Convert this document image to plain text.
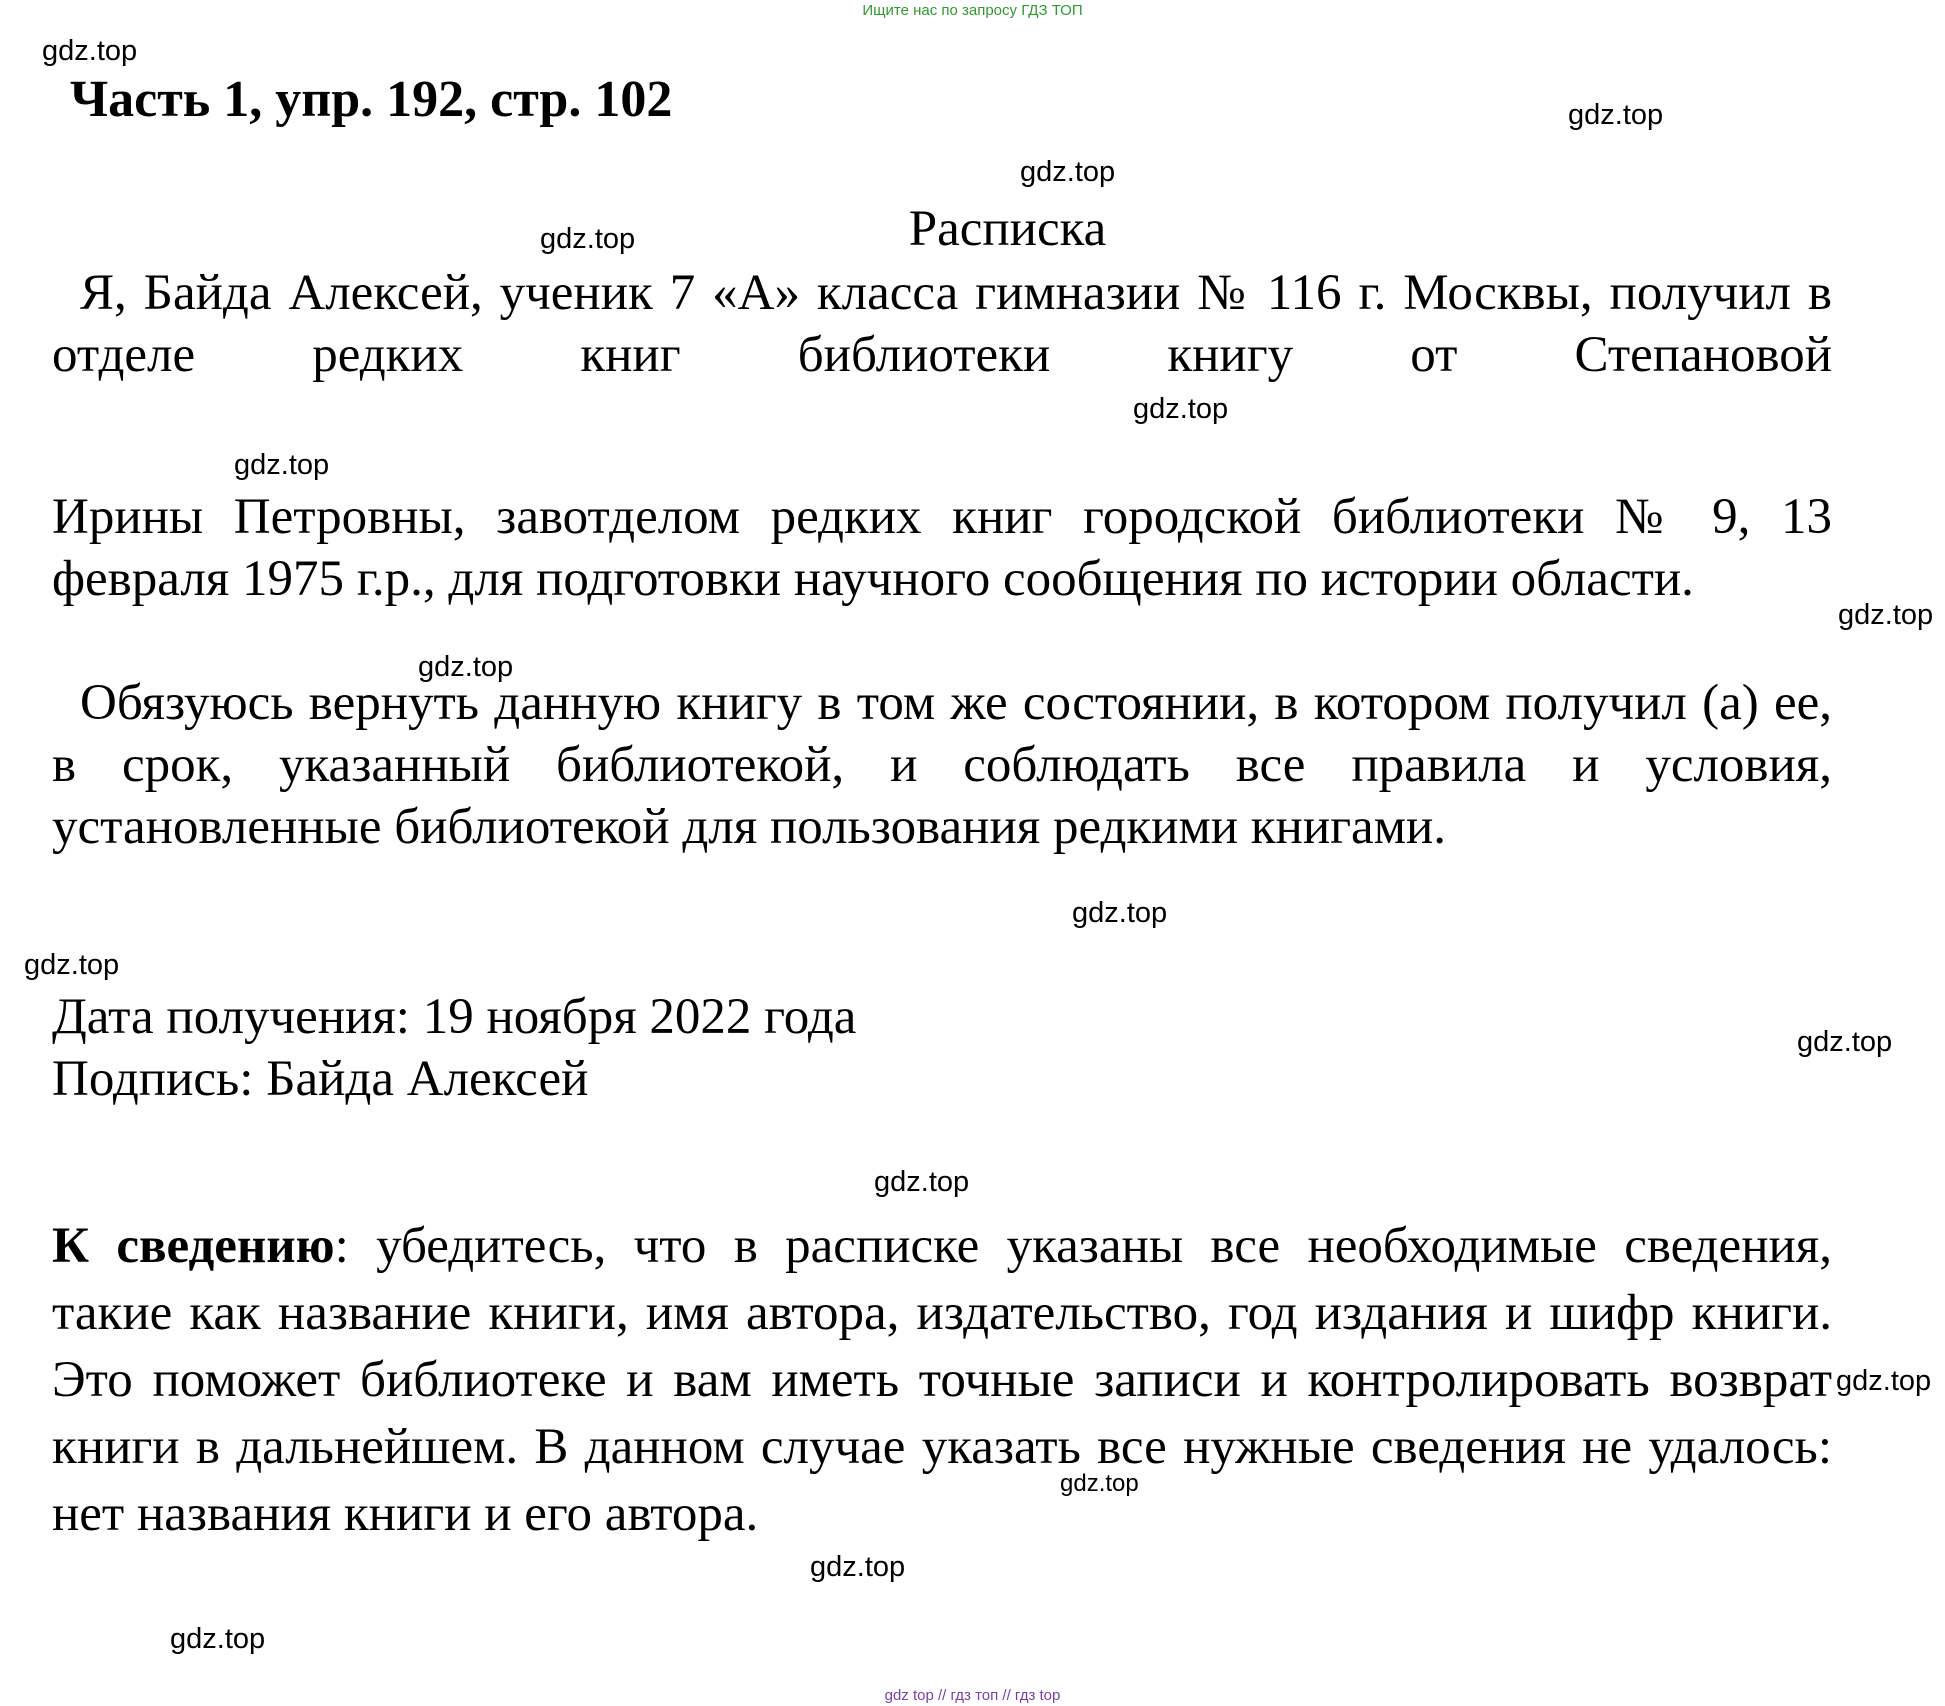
Ищите нас по запросу ГДЗ ТОП
Часть 1, упр. 192, стр. 102
Расписка
Я, Байда Алексей, ученик 7 «А» класса гимназии № 116 г. Москвы, получил в отделе редких книг библиотеки книгу от Степановой
Ирины Петровны, завотделом редких книг городской библиотеки № 9, 13 февраля 1975 г.р., для подготовки научного сообщения по истории области.
Обязуюсь вернуть данную книгу в том же состоянии, в котором получил (а) ее, в срок, указанный библиотекой, и соблюдать все правила и условия, установленные библиотекой для пользования редкими книгами.
Дата получения: 19 ноября 2022 года
Подпись: Байда Алексей
К сведению: убедитесь, что в расписке указаны все необходимые сведения, такие как название книги, имя автора, издательство, год издания и шифр книги. Это поможет библиотеке и вам иметь точные записи и контролировать возврат книги в дальнейшем. В данном случае указать все нужные сведения не удалось: нет названия книги и его автора.
gdz.top
gdz.top
gdz.top
gdz.top
gdz.top
gdz.top
gdz.top
gdz.top
gdz.top
gdz.top
gdz.top
gdz.top
gdz.top
gdz.top
gdz.top
gdz.top
gdz top // гдз топ // гдз top
